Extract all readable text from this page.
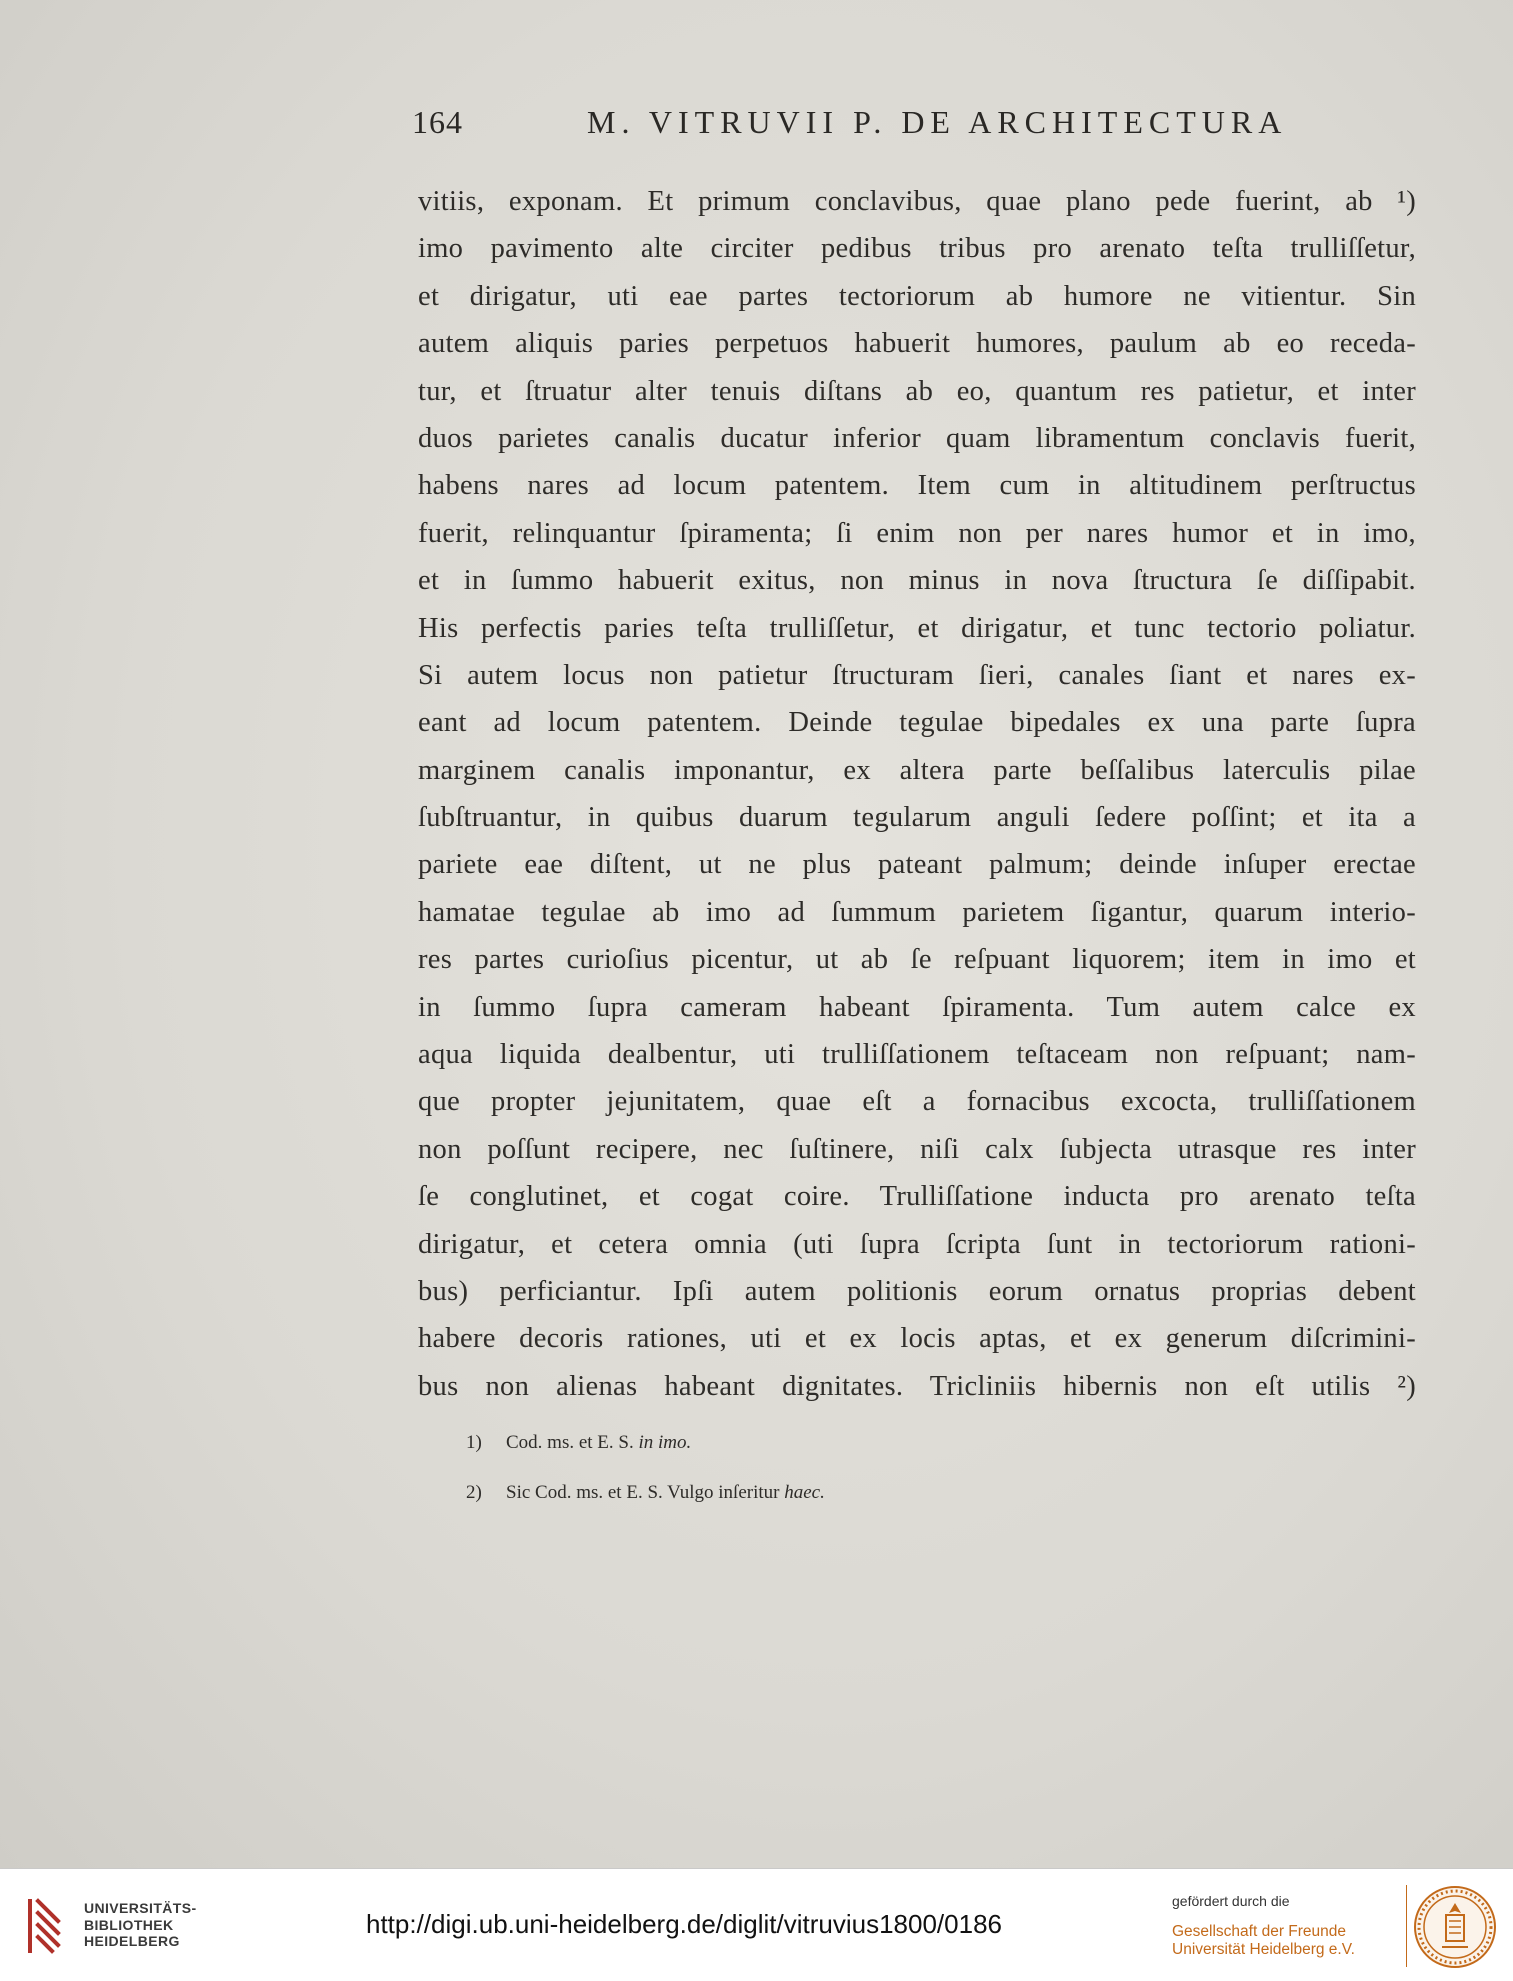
164	M. VITRUVII P. DE ARCHITECTURA
vitiis, exponam. Et primum conclavibus, quae plano pede fuerint, ab ¹)
imo pavimento alte circiter pedibus tribus pro arenato teſta trulliſſetur,
et dirigatur, uti eae partes tectoriorum ab humore ne vitientur. Sin
autem aliquis paries perpetuos habuerit humores, paulum ab eo receda-
tur, et ſtruatur alter tenuis diſtans ab eo, quantum res patietur, et inter
duos parietes canalis ducatur inferior quam libramentum conclavis fuerit,
habens nares ad locum patentem. Item cum in altitudinem perſtructus
fuerit, relinquantur ſpiramenta; ſi enim non per nares humor et in imo,
et in ſummo habuerit exitus, non minus in nova ſtructura ſe diſſipabit.
His perfectis paries teſta trulliſſetur, et dirigatur, et tunc tectorio poliatur.
Si autem locus non patietur ſtructuram ſieri, canales ſiant et nares ex-
eant ad locum patentem. Deinde tegulae bipedales ex una parte ſupra
marginem canalis imponantur, ex altera parte beſſalibus laterculis pilae
ſubſtruantur, in quibus duarum tegularum anguli ſedere poſſint; et ita a
pariete eae diſtent, ut ne plus pateant palmum; deinde inſuper erectae
hamatae tegulae ab imo ad ſummum parietem ſigantur, quarum interio-
res partes curioſius picentur, ut ab ſe reſpuant liquorem; item in imo et
in ſummo ſupra cameram habeant ſpiramenta. Tum autem calce ex
aqua liquida dealbentur, uti trulliſſationem teſtaceam non reſpuant; nam-
que propter jejunitatem, quae eſt a fornacibus excocta, trulliſſationem
non poſſunt recipere, nec ſuſtinere, niſi calx ſubjecta utrasque res inter
ſe conglutinet, et cogat coire. Trulliſſatione inducta pro arenato teſta
dirigatur, et cetera omnia (uti ſupra ſcripta ſunt in tectoriorum rationi-
bus) perficiantur. Ipſi autem politionis eorum ornatus proprias debent
habere decoris rationes, uti et ex locis aptas, et ex generum diſcrimini-
bus non alienas habeant dignitates. Tricliniis hibernis non eſt utilis ²)
1) Cod. ms. et E. S. in imo.
2) Sic Cod. ms. et E. S. Vulgo inſeritur haec.
UNIVERSITÄTS-
BIBLIOTHEK
HEIDELBERG
http://digi.ub.uni-heidelberg.de/diglit/vitruvius1800/0186
gefördert durch die
Gesellschaft der Freunde
Universität Heidelberg e.V.
